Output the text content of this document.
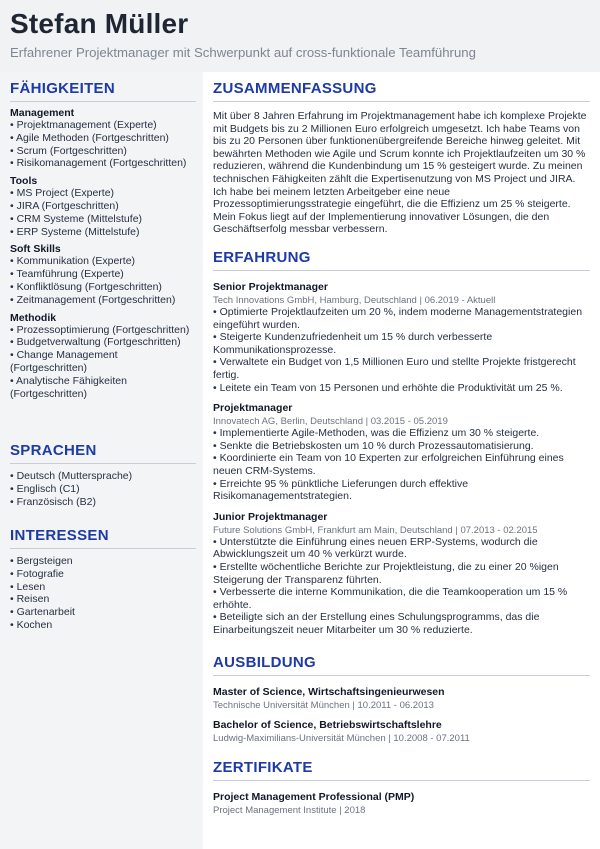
Stefan Müller
Erfahrener Projektmanager mit Schwerpunkt auf cross-funktionale Teamführung
FÄHIGKEITEN
Management
• Projektmanagement (Experte)
• Agile Methoden (Fortgeschritten)
• Scrum (Fortgeschritten)
• Risikomanagement (Fortgeschritten)
Tools
• MS Project (Experte)
• JIRA (Fortgeschritten)
• CRM Systeme (Mittelstufe)
• ERP Systeme (Mittelstufe)
Soft Skills
• Kommunikation (Experte)
• Teamführung (Experte)
• Konfliktlösung (Fortgeschritten)
• Zeitmanagement (Fortgeschritten)
Methodik
• Prozessoptimierung (Fortgeschritten)
• Budgetverwaltung (Fortgeschritten)
• Change Management (Fortgeschritten)
• Analytische Fähigkeiten (Fortgeschritten)
SPRACHEN
• Deutsch (Muttersprache)
• Englisch (C1)
• Französisch (B2)
INTERESSEN
• Bergsteigen
• Fotografie
• Lesen
• Reisen
• Gartenarbeit
• Kochen
ZUSAMMENFASSUNG
Mit über 8 Jahren Erfahrung im Projektmanagement habe ich komplexe Projekte mit Budgets bis zu 2 Millionen Euro erfolgreich umgesetzt. Ich habe Teams von bis zu 20 Personen über funktionenübergreifende Bereiche hinweg geleitet. Mit bewährten Methoden wie Agile und Scrum konnte ich Projektlaufzeiten um 30 % reduzieren, während die Kundenbindung um 15 % gesteigert wurde. Zu meinen technischen Fähigkeiten zählt die Expertisenutzung von MS Project und JIRA. Ich habe bei meinem letzten Arbeitgeber eine neue Prozessoptimierungsstrategie eingeführt, die die Effizienz um 25 % steigerte. Mein Fokus liegt auf der Implementierung innovativer Lösungen, die den Geschäftserfolg messbar verbessern.
ERFAHRUNG
Senior Projektmanager
Tech Innovations GmbH, Hamburg, Deutschland | 06.2019 - Aktuell
• Optimierte Projektlaufzeiten um 20 %, indem moderne Managementstrategien eingeführt wurden.
• Steigerte Kundenzufriedenheit um 15 % durch verbesserte Kommunikationsprozesse.
• Verwaltete ein Budget von 1,5 Millionen Euro und stellte Projekte fristgerecht fertig.
• Leitete ein Team von 15 Personen und erhöhte die Produktivität um 25 %.
Projektmanager
Innovatech AG, Berlin, Deutschland | 03.2015 - 05.2019
• Implementierte Agile-Methoden, was die Effizienz um 30 % steigerte.
• Senkte die Betriebskosten um 10 % durch Prozessautomatisierung.
• Koordinierte ein Team von 10 Experten zur erfolgreichen Einführung eines neuen CRM-Systems.
• Erreichte 95 % pünktliche Lieferungen durch effektive Risikomanagementstrategien.
Junior Projektmanager
Future Solutions GmbH, Frankfurt am Main, Deutschland | 07.2013 - 02.2015
• Unterstützte die Einführung eines neuen ERP-Systems, wodurch die Abwicklungszeit um 40 % verkürzt wurde.
• Erstellte wöchentliche Berichte zur Projektleistung, die zu einer 20 %igen Steigerung der Transparenz führten.
• Verbesserte die interne Kommunikation, die die Teamkooperation um 15 % erhöhte.
• Beteiligte sich an der Erstellung eines Schulungsprogramms, das die Einarbeitungszeit neuer Mitarbeiter um 30 % reduzierte.
AUSBILDUNG
Master of Science, Wirtschaftsingenieurwesen
Technische Universität München | 10.2011 - 06.2013
Bachelor of Science, Betriebswirtschaftslehre
Ludwig-Maximilians-Universität München | 10.2008 - 07.2011
ZERTIFIKATE
Project Management Professional (PMP)
Project Management Institute | 2018
